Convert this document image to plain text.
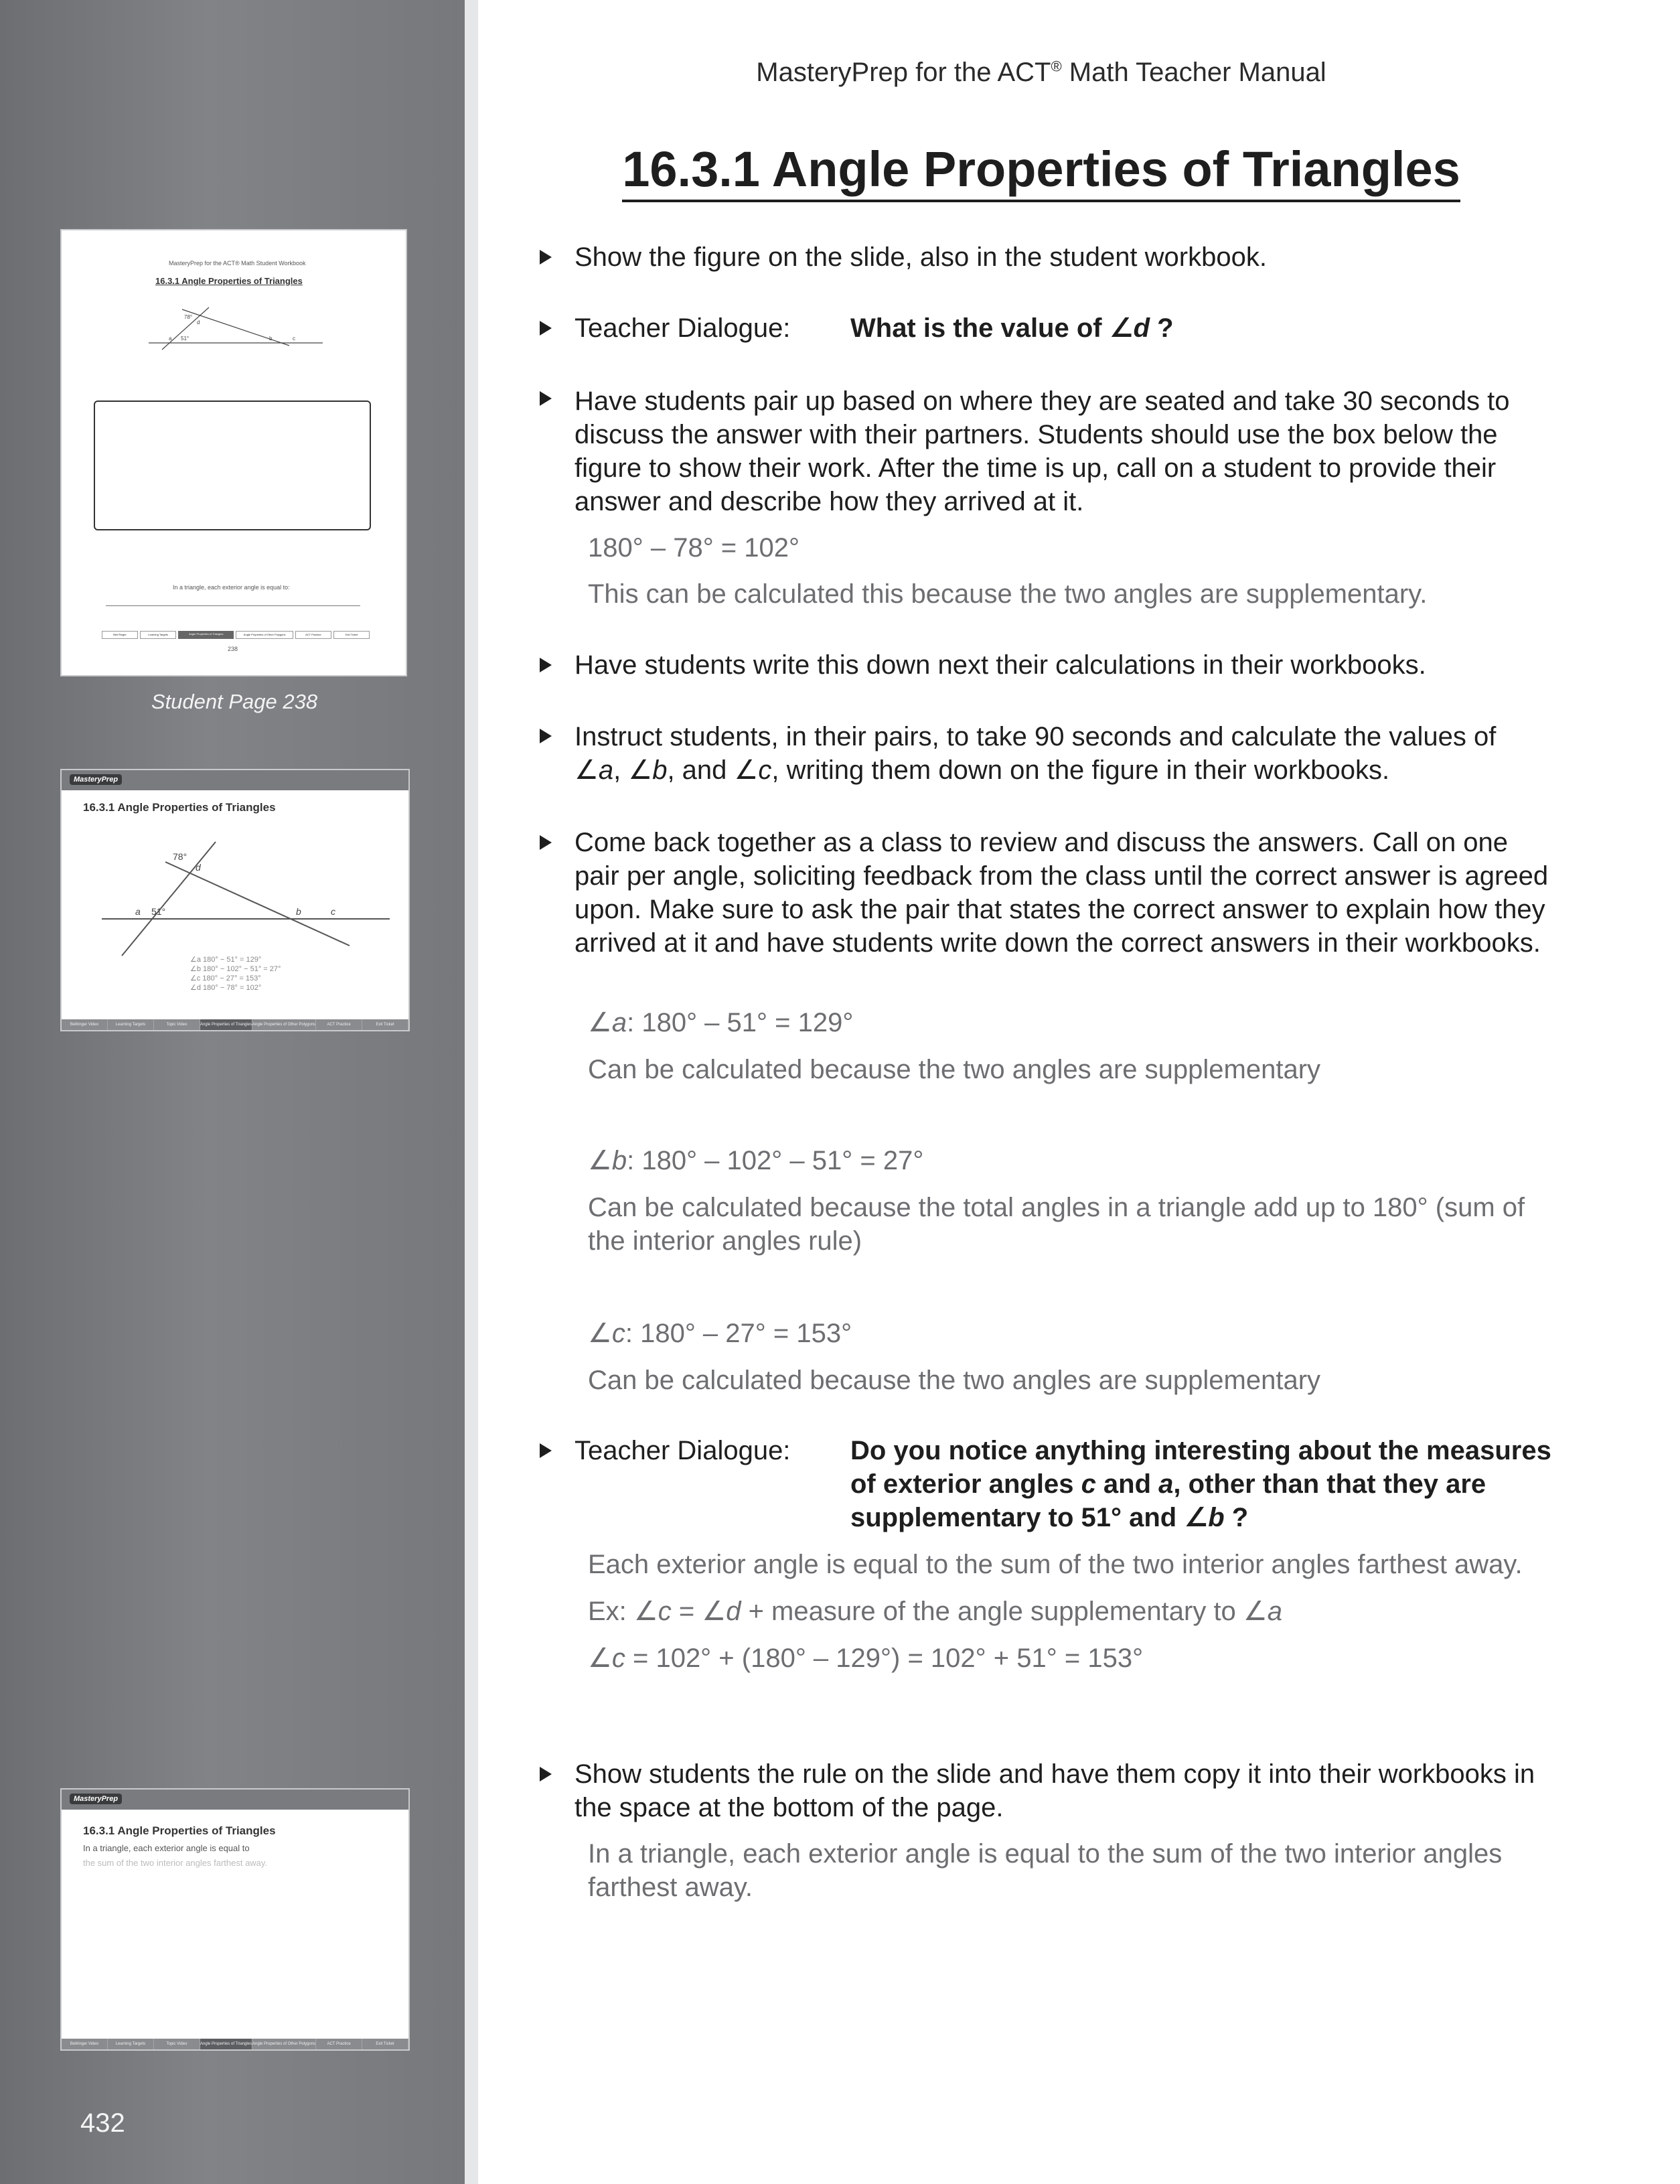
MasteryPrep for the ACT® Math Student Workbook
16.3.1 Angle Properties of Triangles
78°
d
a 51°	b	c
In a triangle, each exterior angle is equal to:
Bell Ringer	Learning Targets	Angle Properties of Triangles	Angle Properties of Other Polygons	ACT Practice	Exit Ticket
238
Student Page 238
MasteryPrep
16.3.1 Angle Properties of Triangles
78°
d
a 51°	b	c
∠a 180° − 51° = 129°
∠b 180° − 102° − 51° = 27°
∠c 180° − 27° = 153°
∠d 180° − 78° = 102°
Bellringer Video	Learning Targets	Topic Video	Angle Properties of Triangles Angle Properties of Other Polygons	ACT Practice	Exit Ticket
MasteryPrep
16.3.1 Angle Properties of Triangles
In a triangle, each exterior angle is equal to
the sum of the two interior angles farthest away.
Bellringer Video	Learning Targets	Topic Video	Angle Properties of Triangles Angle Properties of Other Polygons	ACT Practice	Exit Ticket
432
MasteryPrep for the ACT® Math Teacher Manual
16.3.1 Angle Properties of Triangles
Show the figure on the slide, also in the student workbook.
Teacher Dialogue: What is the value of ∠d ?
Have students pair up based on where they are seated and take 30 seconds to discuss the answer with their partners. Students should use the box below the figure to show their work. After the time is up, call on a student to provide their answer and describe how they arrived at it.
180° – 78° = 102°
This can be calculated this because the two angles are supplementary.
Have students write this down next their calculations in their workbooks.
Instruct students, in their pairs, to take 90 seconds and calculate the values of
∠a, ∠b, and ∠c, writing them down on the figure in their workbooks.
Come back together as a class to review and discuss the answers. Call on one pair per angle, soliciting feedback from the class until the correct answer is agreed upon. Make sure to ask the pair that states the correct answer to explain how they arrived at it and have students write down the correct answers in their workbooks.
∠a: 180° – 51° = 129°
Can be calculated because the two angles are supplementary
∠b: 180° – 102° – 51° = 27°
Can be calculated because the total angles in a triangle add up to 180° (sum of the interior angles rule)
∠c: 180° – 27° = 153°
Can be calculated because the two angles are supplementary
Teacher Dialogue: Do you notice anything interesting about the measures
of exterior angles c and a, other than that they are
supplementary to 51° and ∠b ?
Each exterior angle is equal to the sum of the two interior angles farthest away.
Ex: ∠c = ∠d + measure of the angle supplementary to ∠a
∠c = 102° + (180° – 129°) = 102° + 51° = 153°
Show students the rule on the slide and have them copy it into their workbooks in the space at the bottom of the page.
In a triangle, each exterior angle is equal to the sum of the two interior angles farthest away.
